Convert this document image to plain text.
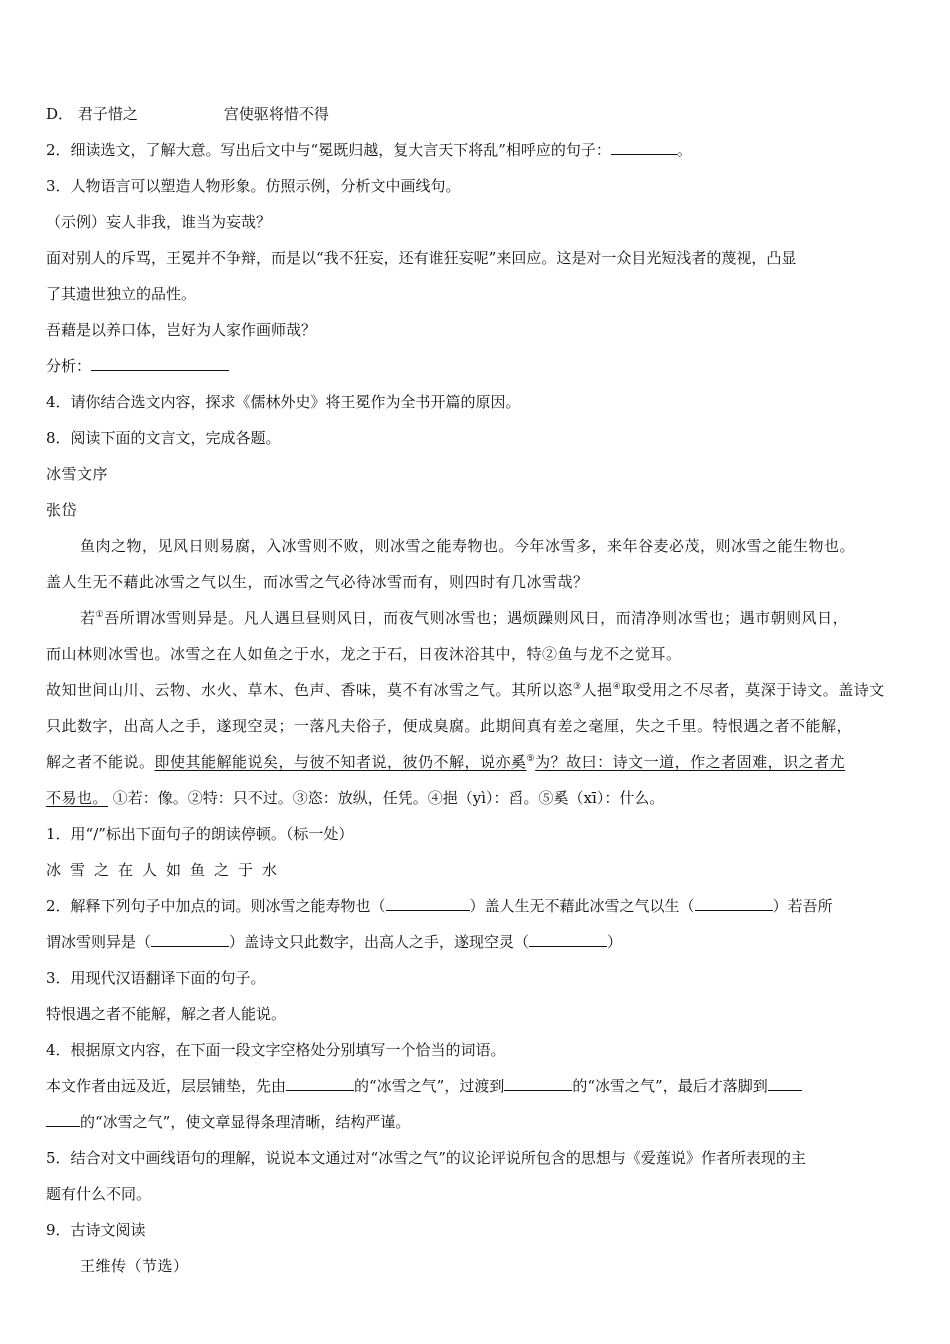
D． 君子惜之	宫使驱将惜不得
2．细读选文，了解大意。写出后文中与“冕既归越，复大言天下将乱”相呼应的句子：	。
3．人物语言可以塑造人物形象。仿照示例，分析文中画线句。
（示例）妄人非我，谁当为妄哉？
面对别人的斥骂，王冕并不争辩，而是以“我不狂妄，还有谁狂妄呢”来回应。这是对一众目光短浅者的蔑视，凸显
了其遗世独立的品性。
吾藉是以养口体，岂好为人家作画师哉？
分析：
4．请你结合选文内容，探求《儒林外史》将王冕作为全书开篇的原因。
8．阅读下面的文言文，完成各题。
冰雪文序
张岱
鱼肉之物，见风日则易腐，入冰雪则不败，则冰雪之能寿物也。今年冰雪多，来年谷麦必茂，则冰雪之能生物也。
盖人生无不藉此冰雪之气以生，而冰雪之气必待冰雪而有，则四时有几冰雪哉？
若①吾所谓冰雪则异是。凡人遇旦昼则风日，而夜气则冰雪也；遇烦躁则风日，而清净则冰雪也；遇市朝则风日，
而山林则冰雪也。冰雪之在人如鱼之于水，龙之于石，日夜沐浴其中，特②鱼与龙不之觉耳。
故知世间山川、云物、水火、草木、色声、香味，莫不有冰雪之气。其所以恣③人挹④取受用之不尽者，莫深于诗文。盖诗文
只此数字，出高人之手，遂现空灵；一落凡夫俗子，便成臭腐。此期间真有差之毫厘，失之千里。特恨遇之者不能解，
解之者不能说。即使其能解能说矣，与彼不知者说，彼仍不解，说亦奚⑤为？故曰：诗文一道，作之者固难，识之者尤
不易也。 ①若：像。②特：只不过。③恣：放纵，任凭。④挹（yì）：舀。⑤奚（xī）：什么。
1．用“/”标出下面句子的朗读停顿。（标一处）
冰雪之在人如鱼之于水
2．解释下列句子中加点的词。则冰雪之能寿物也（	）盖人生无不藉此冰雪之气以生（	）若吾所
谓冰雪则异是（	）盖诗文只此数字，出高人之手，遂现空灵（	）
3．用现代汉语翻译下面的句子。
特恨遇之者不能解，解之者人能说。
4．根据原文内容，在下面一段文字空格处分别填写一个恰当的词语。
本文作者由远及近，层层铺垫，先由	的“冰雪之气”，过渡到	的“冰雪之气”，最后才落脚到
的“冰雪之气”，使文章显得条理清晰，结构严谨。
5．结合对文中画线语句的理解，说说本文通过对“冰雪之气”的议论评说所包含的思想与《爱莲说》作者所表现的主
题有什么不同。
9．古诗文阅读
王维传（节选）
